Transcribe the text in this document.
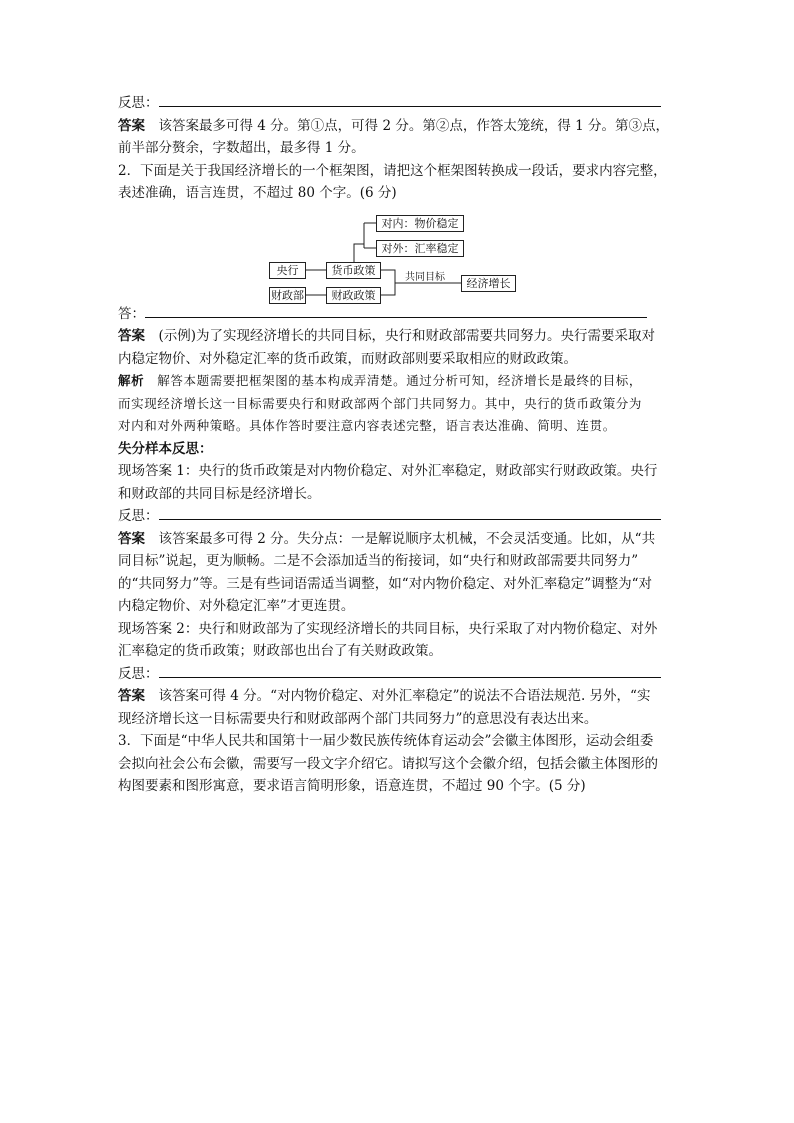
反思：

答案　该答案最多可得 4 分。第①点，可得 2 分。第②点，作答太笼统，得 1 分。第③点，

前半部分赘余，字数超出，最多得 1 分。

2．下面是关于我国经济增长的一个框架图，请把这个框架图转换成一段话，要求内容完整，

表述准确，语言连贯，不超过 80 个字。(6 分)

央行
财政部
货币政策
财政政策
对内：物价稳定
对外：汇率稳定
共同目标	经济增长

答：

答案　(示例)为了实现经济增长的共同目标，央行和财政部需要共同努力。央行需要采取对

内稳定物价、对外稳定汇率的货币政策，而财政部则要采取相应的财政政策。

解析　解答本题需要把框架图的基本构成弄清楚。通过分析可知，经济增长是最终的目标，

而实现经济增长这一目标需要央行和财政部两个部门共同努力。其中，央行的货币政策分为

对内和对外两种策略。具体作答时要注意内容表述完整，语言表达准确、简明、连贯。

失分样本反思：

现场答案 1：央行的货币政策是对内物价稳定、对外汇率稳定，财政部实行财政政策。央行

和财政部的共同目标是经济增长。

反思：

答案　该答案最多可得 2 分。失分点：一是解说顺序太机械，不会灵活变通。比如，从“共

同目标”说起，更为顺畅。二是不会添加适当的衔接词，如“央行和财政部需要共同努力”

的“共同努力”等。三是有些词语需适当调整，如“对内物价稳定、对外汇率稳定”调整为“对

内稳定物价、对外稳定汇率”才更连贯。

现场答案 2：央行和财政部为了实现经济增长的共同目标，央行采取了对内物价稳定、对外

汇率稳定的货币政策；财政部也出台了有关财政政策。

反思：

答案　该答案可得 4 分。“对内物价稳定、对外汇率稳定”的说法不合语法规范. 另外，“实

现经济增长这一目标需要央行和财政部两个部门共同努力”的意思没有表达出来。

3．下面是“中华人民共和国第十一届少数民族传统体育运动会”会徽主体图形，运动会组委

会拟向社会公布会徽，需要写一段文字介绍它。请拟写这个会徽介绍，包括会徽主体图形的

构图要素和图形寓意，要求语言简明形象，语意连贯，不超过 90 个字。(5 分)
